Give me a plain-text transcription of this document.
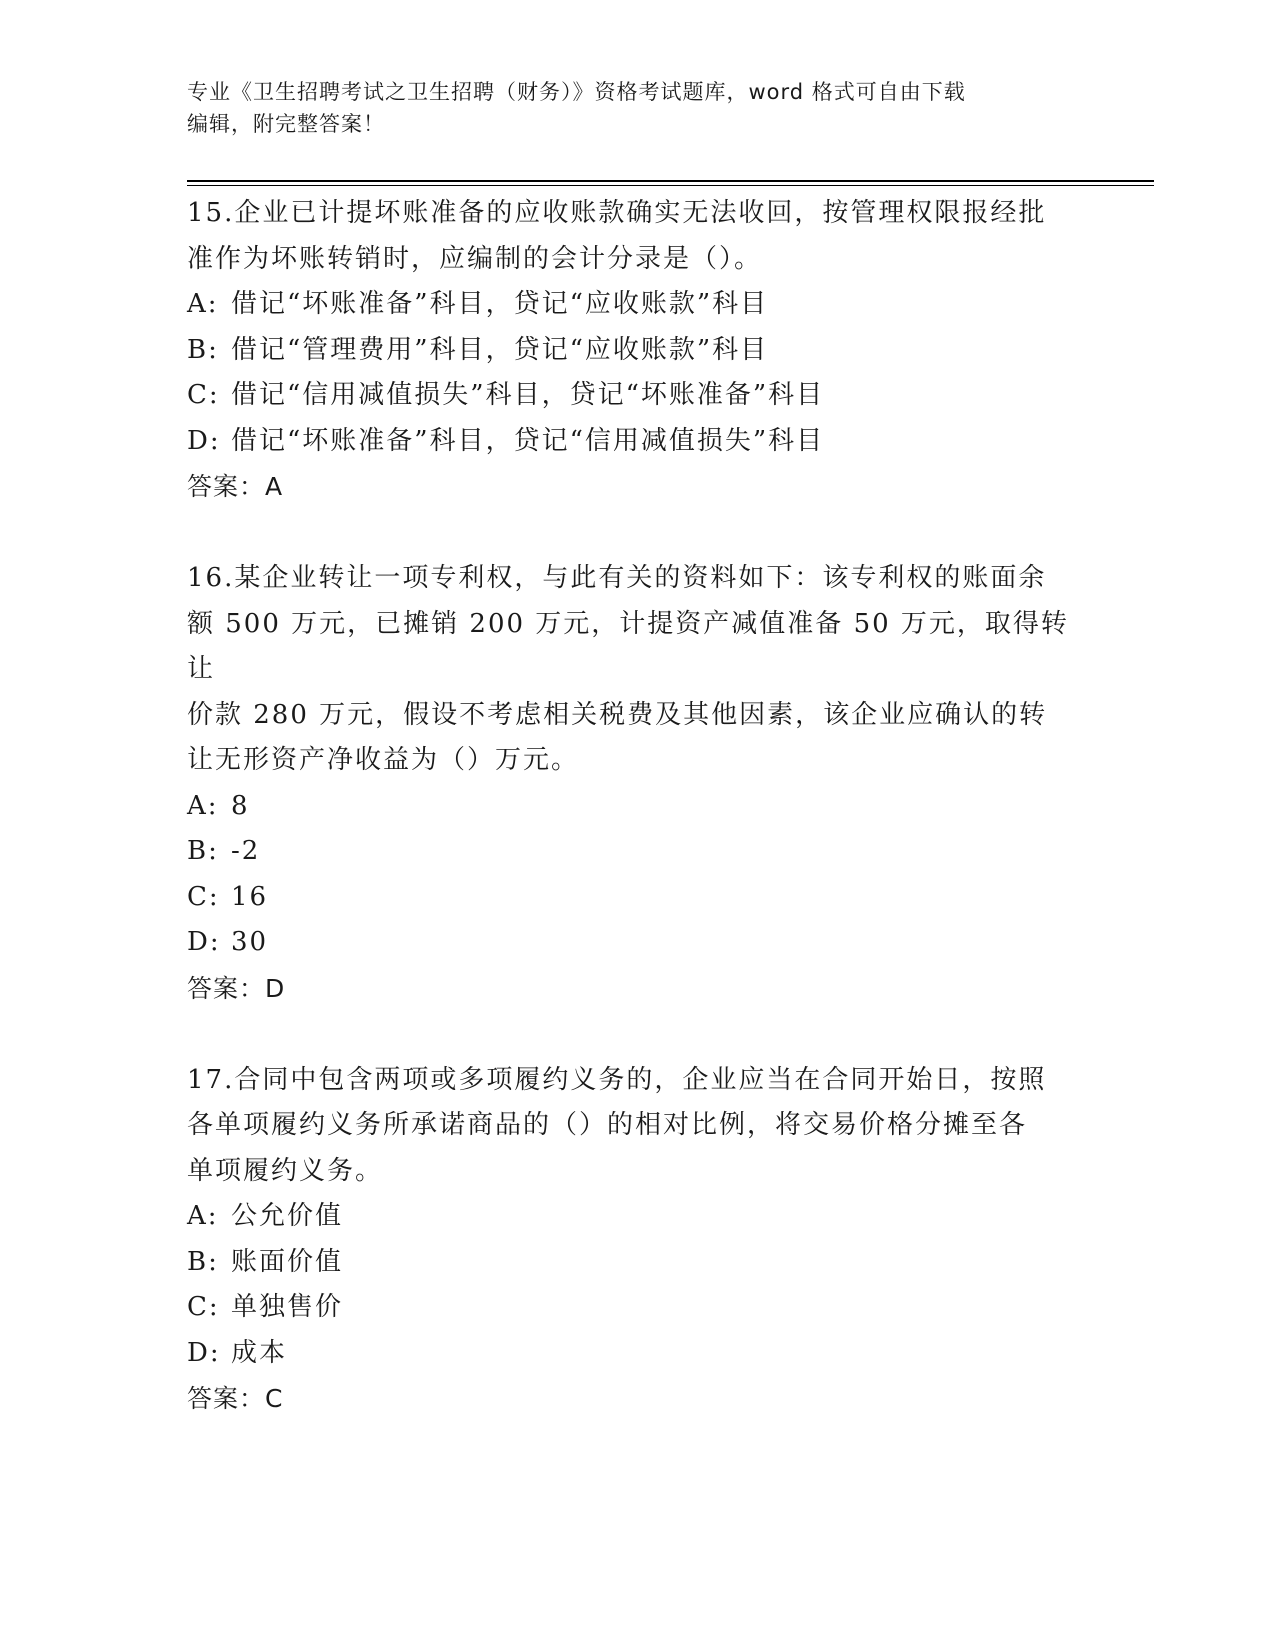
专业《卫生招聘考试之卫生招聘（财务）》资格考试题库，word 格式可自由下载
编辑，附完整答案！

15.企业已计提坏账准备的应收账款确实无法收回，按管理权限报经批

准作为坏账转销时，应编制的会计分录是（）。

A: 借记“坏账准备”科目，贷记“应收账款”科目

B: 借记“管理费用”科目，贷记“应收账款”科目

C: 借记“信用减值损失”科目，贷记“坏账准备”科目

D: 借记“坏账准备”科目，贷记“信用减值损失”科目

答案：A

16.某企业转让一项专利权，与此有关的资料如下：该专利权的账面余

额 500 万元，已摊销 200 万元，计提资产减值准备 50 万元，取得转让

价款 280 万元，假设不考虑相关税费及其他因素，该企业应确认的转

让无形资产净收益为（）万元。

A: 8

B: -2

C: 16

D: 30

答案：D

17.合同中包含两项或多项履约义务的，企业应当在合同开始日，按照

各单项履约义务所承诺商品的（）的相对比例，将交易价格分摊至各

单项履约义务。

A: 公允价值

B: 账面价值

C: 单独售价

D: 成本

答案：C
